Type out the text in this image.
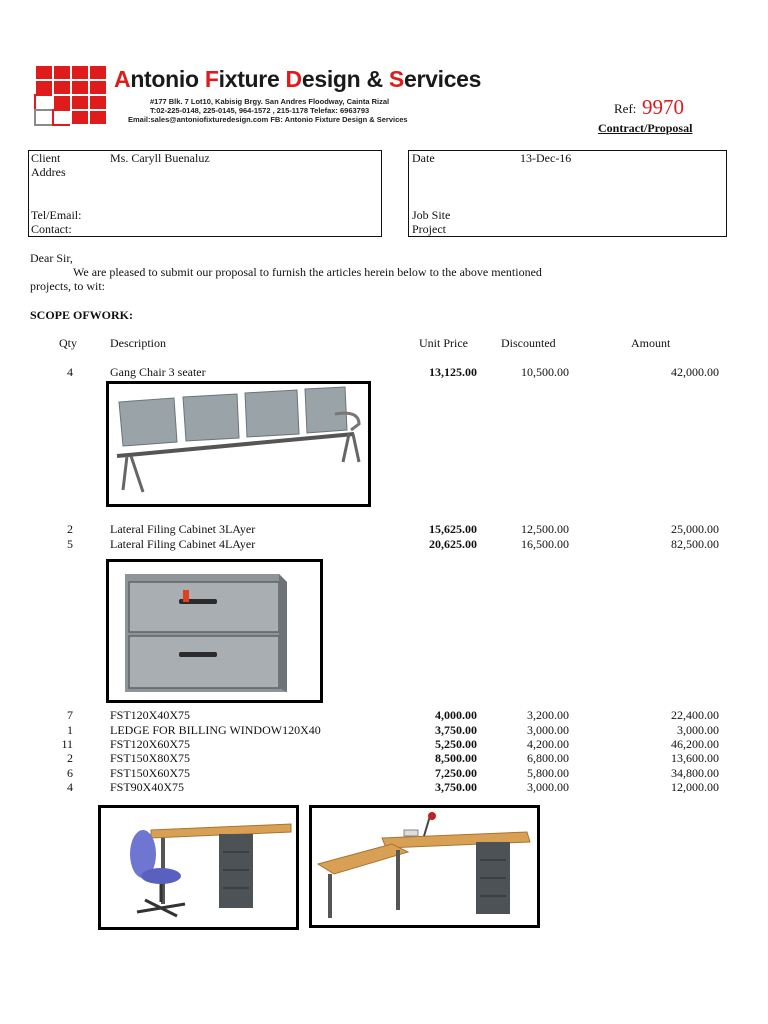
Antonio Fixture Design & Services
#177 Blk. 7 Lot10, Kabisig Brgy. San Andres Floodway, Cainta Rizal
T:02-225-0148, 225-0145, 964-1572 , 215-1178 Telefax: 6963793
Email:sales@antoniofixturedesign.com FB: Antonio Fixture Design & Services
Ref: 9970
Contract/Proposal
Client	Ms. Caryll Buenaluz
Addres
Tel/Email:
Contact:
Date	13-Dec-16
Job Site
Project
Dear Sir,
We are pleased to submit our proposal to furnish the articles herein below to the above mentioned
projects, to wit:
SCOPE OFWORK:
Qty	Description	Unit Price	Discounted	Amount
4	Gang Chair 3 seater	13,125.00	10,500.00	42,000.00
2	Lateral Filing Cabinet 3LAyer	15,625.00	12,500.00	25,000.00
5	Lateral Filing Cabinet 4LAyer	20,625.00	16,500.00	82,500.00
7	FST120X40X75	4,000.00	3,200.00	22,400.00
1	LEDGE FOR BILLING WINDOW120X40	3,750.00	3,000.00	3,000.00
11	FST120X60X75	5,250.00	4,200.00	46,200.00
2	FST150X80X75	8,500.00	6,800.00	13,600.00
6	FST150X60X75	7,250.00	5,800.00	34,800.00
4	FST90X40X75	3,750.00	3,000.00	12,000.00
